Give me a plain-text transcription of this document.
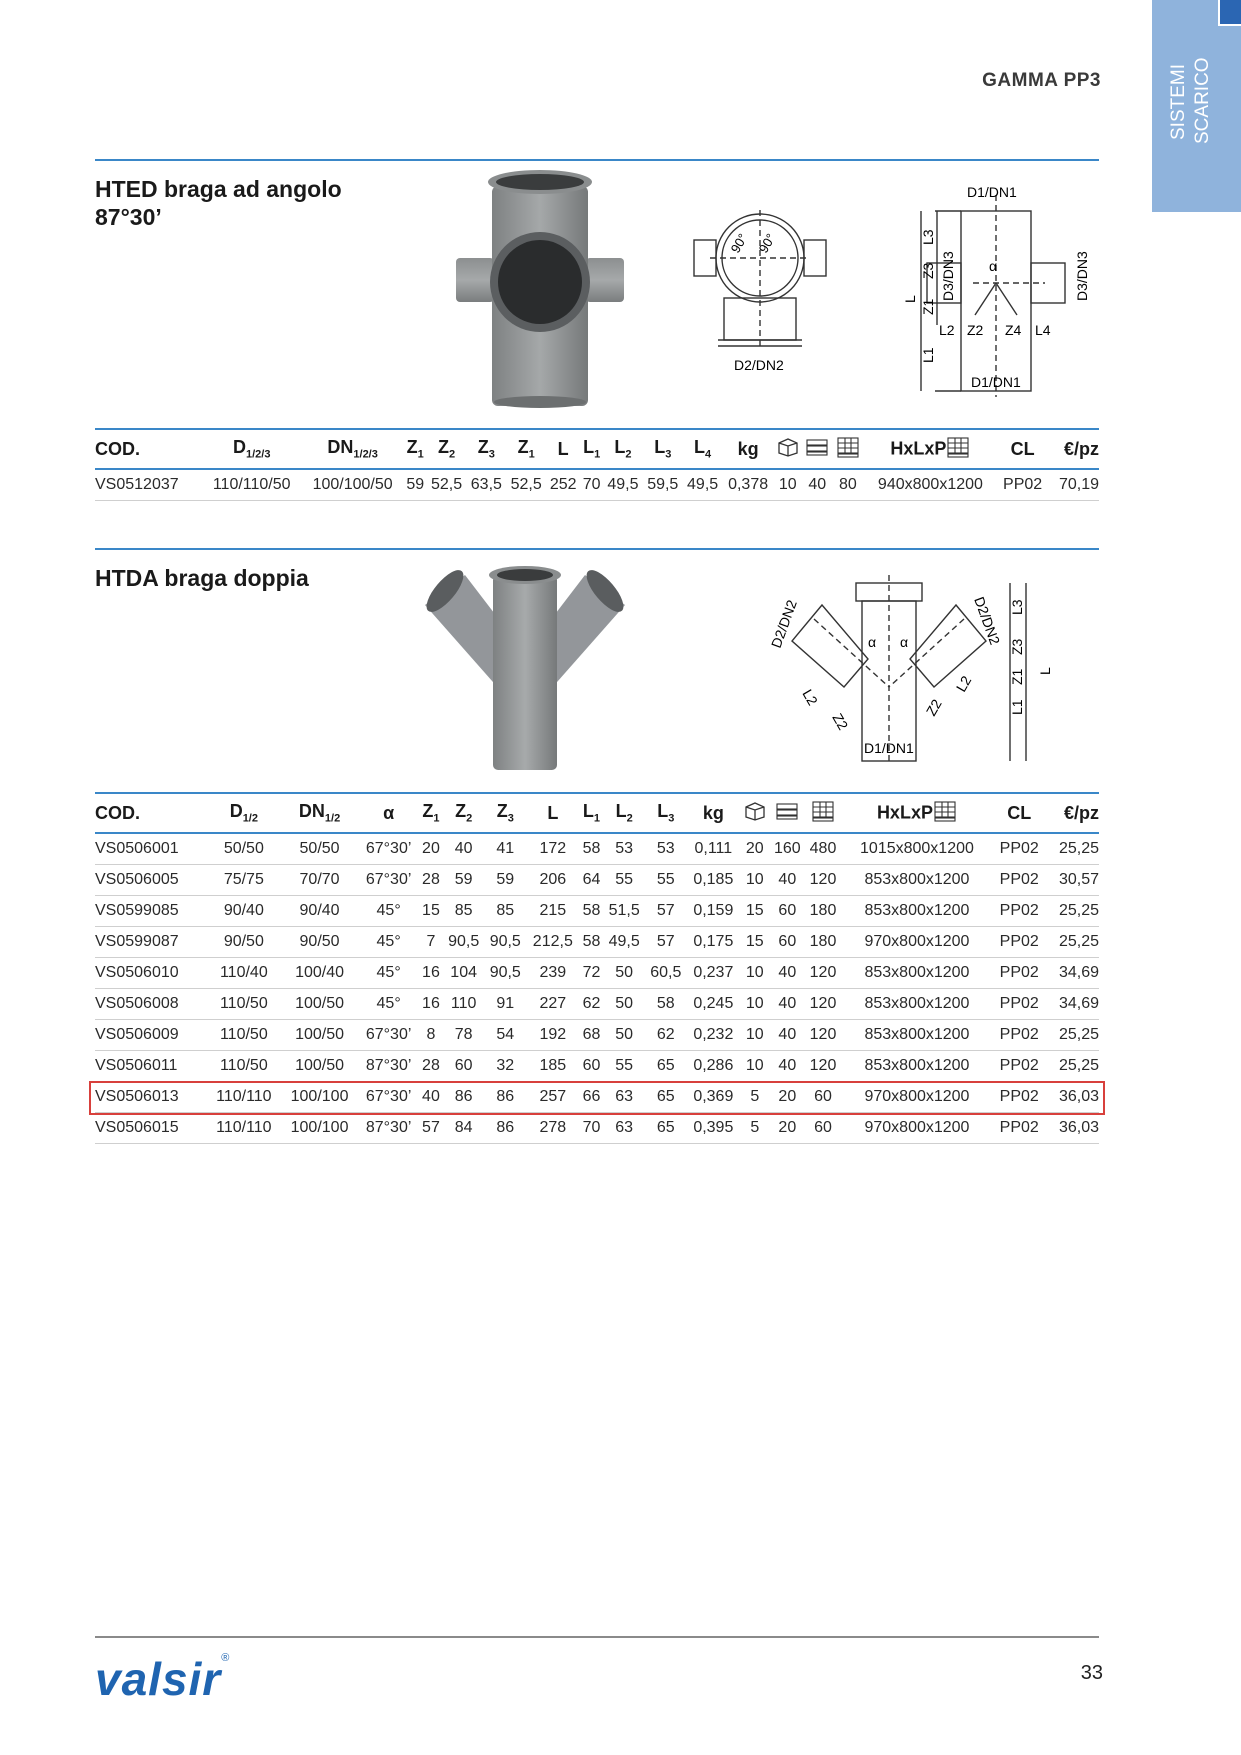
SISTEMI SCARICO
GAMMA PP3
HTED braga ad angolo
87°30’
90° 90°
D2/DN2
D1/DN1
D1/DN1
L
L1
L3
Z3
Z1
D3/DN3	D3/DN3
L2 Z2 Z4 L4
α
COD.	$D_{1/2/3}$	$DN_{1/2/3}$	$Z_1$	$Z_2$	$Z_3$	$Z_1$	L	$L_1$	$L_2$	$L_3$	$L_4$	kg				HxLxP	CL	€/pz
VS0512037	110/110/50	100/100/50	59	52,5	63,5	52,5	252	70	49,5	59,5	49,5	0,378	10	40	80	940x800x1200	PP02	70,19
HTDA braga doppia
D2/DN2	D2/DN2
D1/DN1
L
L3
Z3
Z1
L1
L2
Z2
Z2
L2
α α
COD.	$D_{1/2}$	$DN_{1/2}$	α	$Z_1$	$Z_2$	$Z_3$	L	$L_1$	$L_2$	$L_3$	kg				HxLxP	CL	€/pz
VS0506001	50/50	50/50	67°30’	20	40	41	172	58	53	53	0,111	20	160	480	1015x800x1200	PP02	25,25
VS0506005	75/75	70/70	67°30’	28	59	59	206	64	55	55	0,185	10	40	120	853x800x1200	PP02	30,57
VS0599085	90/40	90/40	45°	15	85	85	215	58	51,5	57	0,159	15	60	180	853x800x1200	PP02	25,25
VS0599087	90/50	90/50	45°	7	90,5	90,5	212,5	58	49,5	57	0,175	15	60	180	970x800x1200	PP02	25,25
VS0506010	110/40	100/40	45°	16	104	90,5	239	72	50	60,5	0,237	10	40	120	853x800x1200	PP02	34,69
VS0506008	110/50	100/50	45°	16	110	91	227	62	50	58	0,245	10	40	120	853x800x1200	PP02	34,69
VS0506009	110/50	100/50	67°30’	8	78	54	192	68	50	62	0,232	10	40	120	853x800x1200	PP02	25,25
VS0506011	110/50	100/50	87°30’	28	60	32	185	60	55	65	0,286	10	40	120	853x800x1200	PP02	25,25
VS0506013	110/110	100/100	67°30’	40	86	86	257	66	63	65	0,369	5	20	60	970x800x1200	PP02	36,03
VS0506015	110/110	100/100	87°30’	57	84	86	278	70	63	65	0,395	5	20	60	970x800x1200	PP02	36,03
valsir®
33
